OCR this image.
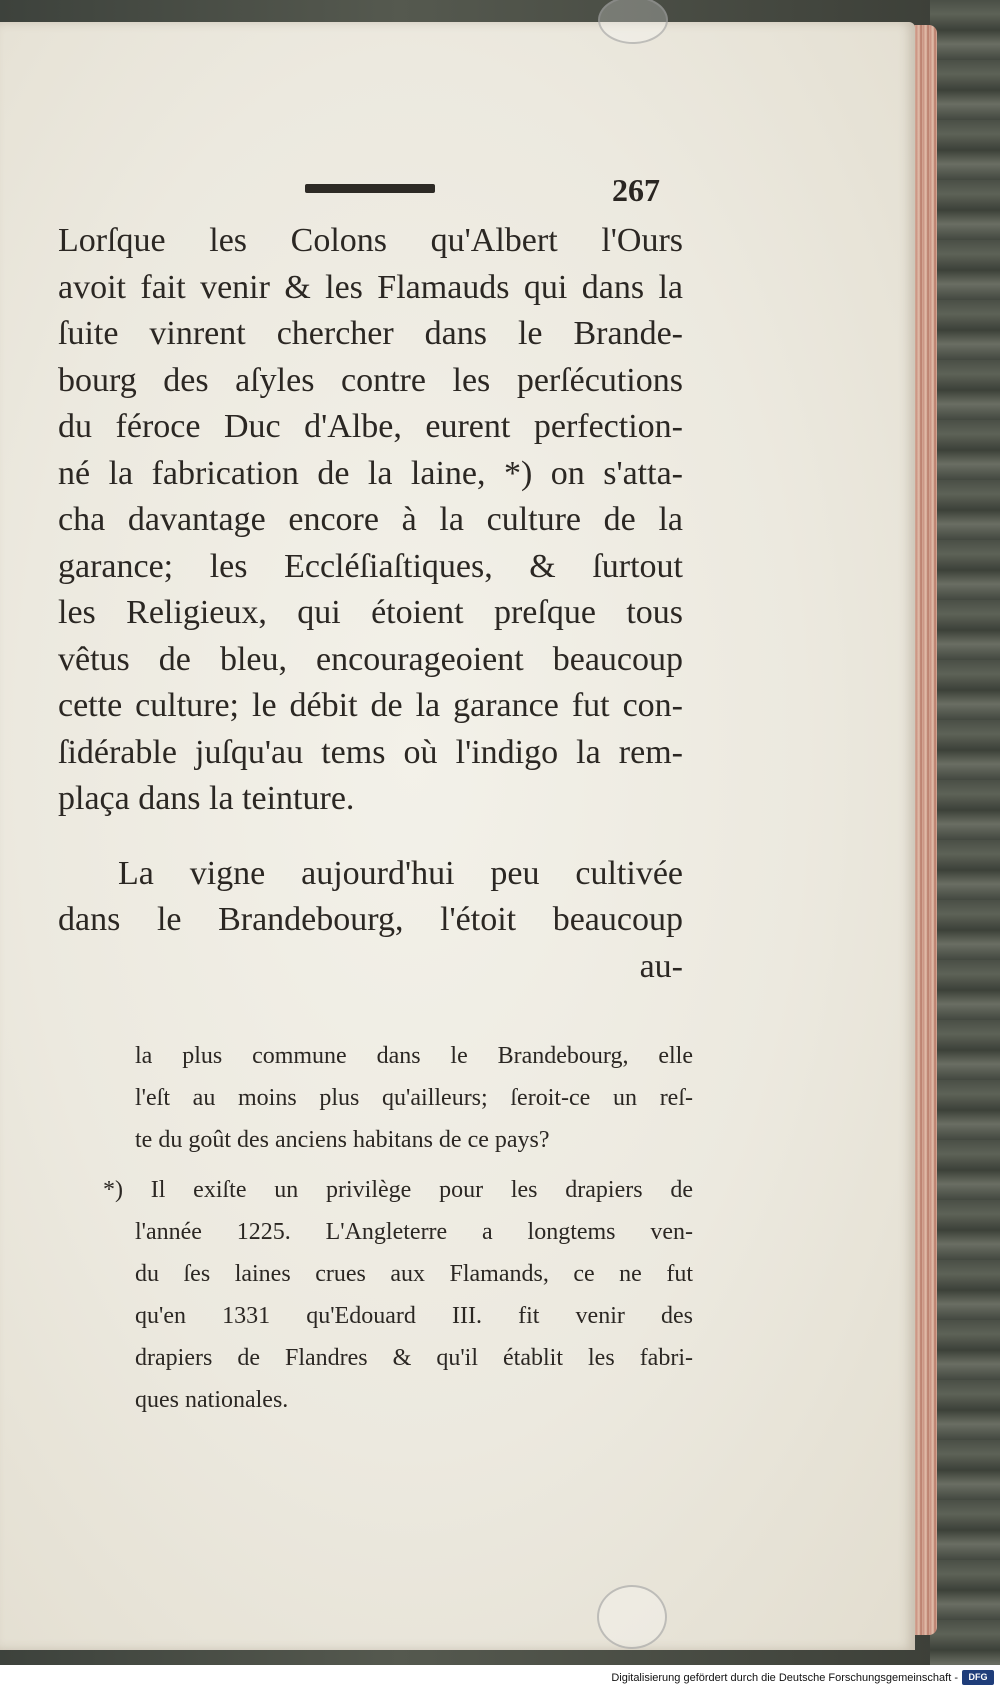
267
Lorſque les Colons qu'Albert l'Ours
avoit fait venir & les Flamauds qui dans la
ſuite vinrent chercher dans le Brande-
bourg des aſyles contre les perſécutions
du féroce Duc d'Albe, eurent perfection-
né la fabrication de la laine, *) on s'atta-
cha davantage encore à la culture de la
garance; les Eccléſiaſtiques, & ſurtout
les Religieux, qui étoient preſque tous
vêtus de bleu, encourageoient beaucoup
cette culture; le débit de la garance fut con-
ſidérable juſqu'au tems où l'indigo la rem-
plaça dans la teinture.
La vigne aujourd'hui peu cultivée
dans le Brandebourg, l'étoit beaucoup
au-
la plus commune dans le Brandebourg, elle
l'eſt au moins plus qu'ailleurs; ſeroit-ce un reſ-
te du goût des anciens habitans de ce pays?
*) Il exiſte un privilège pour les drapiers de
l'année 1225. L'Angleterre a longtems ven-
du ſes laines crues aux Flamands, ce ne fut
qu'en 1331 qu'Edouard III. fit venir des
drapiers de Flandres & qu'il établit les fabri-
ques nationales.
Digitalisierung gefördert durch die Deutsche Forschungsgemeinschaft -	DFG
